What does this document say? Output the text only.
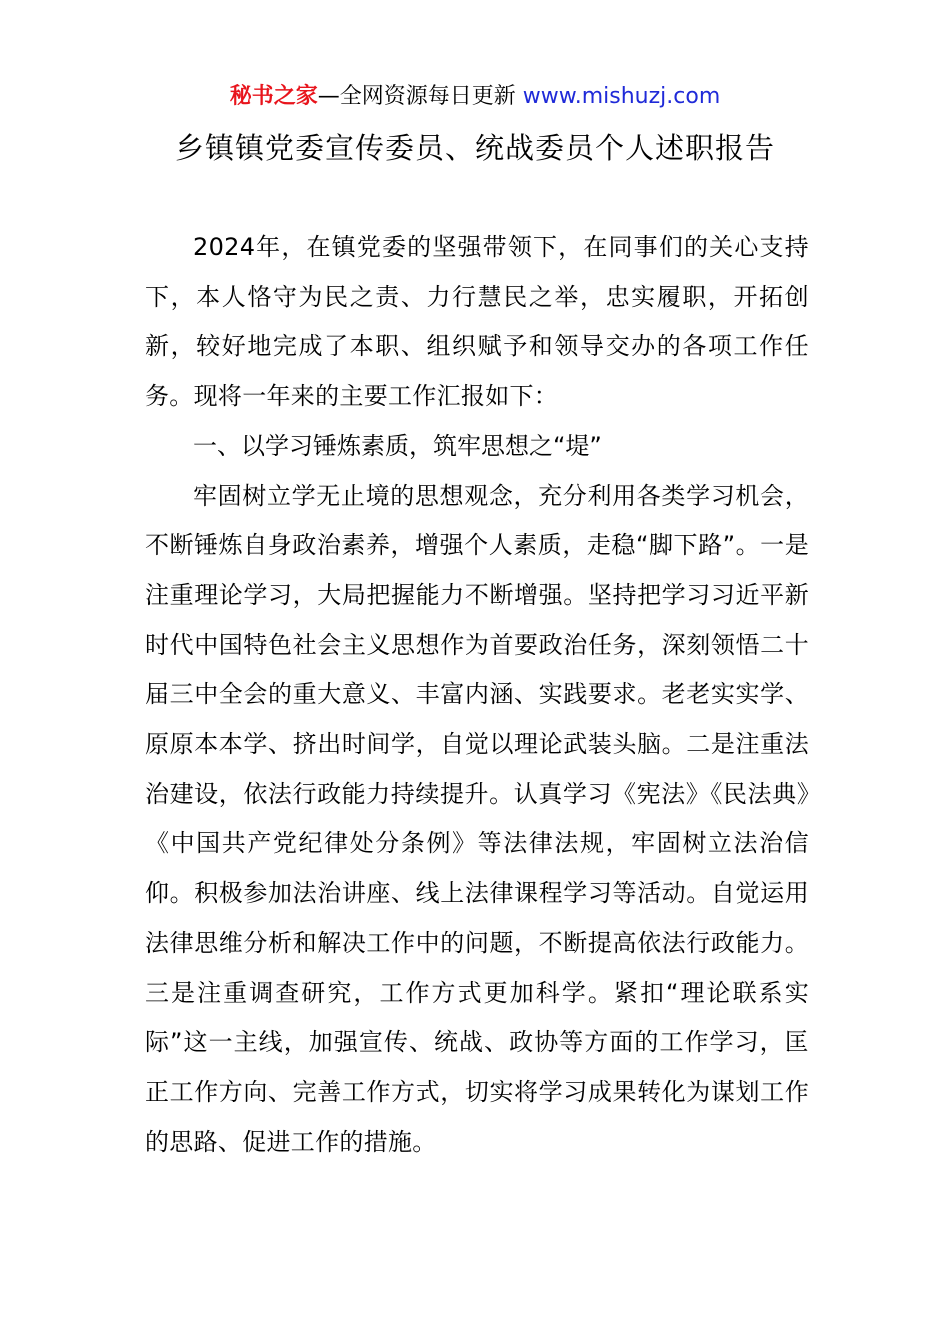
秘书之家—全网资源每日更新 www.mishuzj.com
乡镇镇党委宣传委员、统战委员个人述职报告

2024年，在镇党委的坚强带领下，在同事们的关心支持下，本人恪守为民之责、力行慧民之举，忠实履职，开拓创新，较好地完成了本职、组织赋予和领导交办的各项工作任务。现将一年来的主要工作汇报如下：

一、以学习锤炼素质，筑牢思想之“堤”

牢固树立学无止境的思想观念，充分利用各类学习机会，不断锤炼自身政治素养，增强个人素质，走稳“脚下路”。一是注重理论学习，大局把握能力不断增强。坚持把学习习近平新时代中国特色社会主义思想作为首要政治任务，深刻领悟二十届三中全会的重大意义、丰富内涵、实践要求。老老实实学、原原本本学、挤出时间学，自觉以理论武装头脑。二是注重法治建设，依法行政能力持续提升。认真学习《宪法》《民法典》《中国共产党纪律处分条例》等法律法规，牢固树立法治信仰。积极参加法治讲座、线上法律课程学习等活动。自觉运用法律思维分析和解决工作中的问题，不断提高依法行政能力。三是注重调查研究，工作方式更加科学。紧扣“理论联系实际”这一主线，加强宣传、统战、政协等方面的工作学习，匡正工作方向、完善工作方式，切实将学习成果转化为谋划工作的思路、促进工作的措施。
